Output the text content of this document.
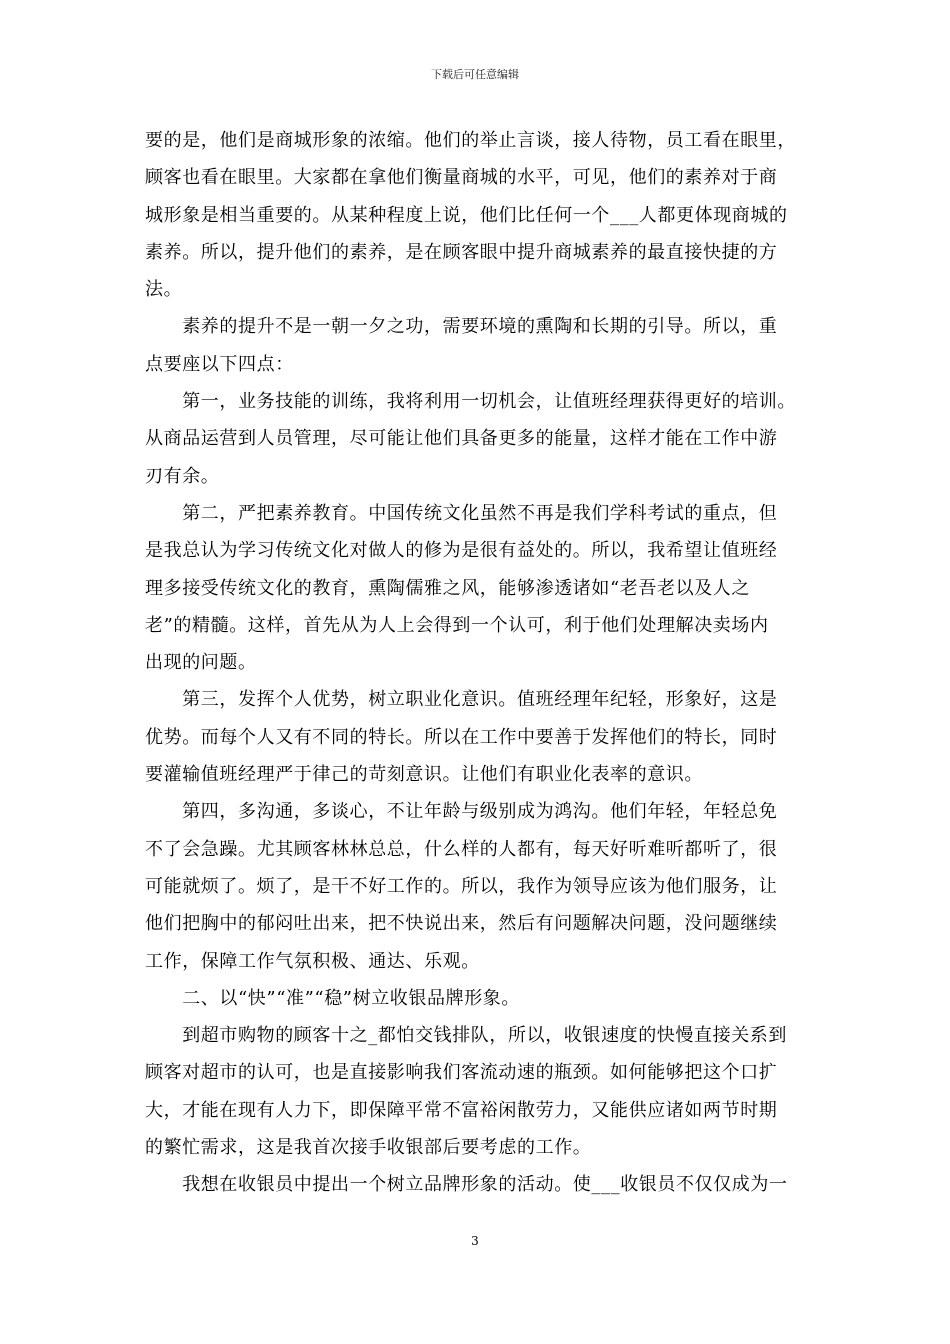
下载后可任意编辑
要的是，他们是商城形象的浓缩。他们的举止言谈，接人待物，员工看在眼里，
顾客也看在眼里。大家都在拿他们衡量商城的水平，可见，他们的素养对于商
城形象是相当重要的。从某种程度上说，他们比任何一个___人都更体现商城的
素养。所以，提升他们的素养，是在顾客眼中提升商城素养的最直接快捷的方
法。
　　素养的提升不是一朝一夕之功，需要环境的熏陶和长期的引导。所以，重
点要座以下四点：
　　第一，业务技能的训练，我将利用一切机会，让值班经理获得更好的培训。
从商品运营到人员管理，尽可能让他们具备更多的能量，这样才能在工作中游
刃有余。
　　第二，严把素养教育。中国传统文化虽然不再是我们学科考试的重点，但
是我总认为学习传统文化对做人的修为是很有益处的。所以，我希望让值班经
理多接受传统文化的教育，熏陶儒雅之风，能够渗透诸如“老吾老以及人之
老”的精髓。这样，首先从为人上会得到一个认可，利于他们处理解决卖场内
出现的问题。
　　第三，发挥个人优势，树立职业化意识。值班经理年纪轻，形象好，这是
优势。而每个人又有不同的特长。所以在工作中要善于发挥他们的特长，同时
要灌输值班经理严于律己的苛刻意识。让他们有职业化表率的意识。
　　第四，多沟通，多谈心，不让年龄与级别成为鸿沟。他们年轻，年轻总免
不了会急躁。尤其顾客林林总总，什么样的人都有，每天好听难听都听了，很
可能就烦了。烦了，是干不好工作的。所以，我作为领导应该为他们服务，让
他们把胸中的郁闷吐出来，把不快说出来，然后有问题解决问题，没问题继续
工作，保障工作气氛积极、通达、乐观。
　　二、以“快”“准”“稳”树立收银品牌形象。
　　到超市购物的顾客十之_都怕交钱排队，所以，收银速度的快慢直接关系到
顾客对超市的认可，也是直接影响我们客流动速的瓶颈。如何能够把这个口扩
大，才能在现有人力下，即保障平常不富裕闲散劳力，又能供应诸如两节时期
的繁忙需求，这是我首次接手收银部后要考虑的工作。
　　我想在收银员中提出一个树立品牌形象的活动。使___收银员不仅仅成为一
3
